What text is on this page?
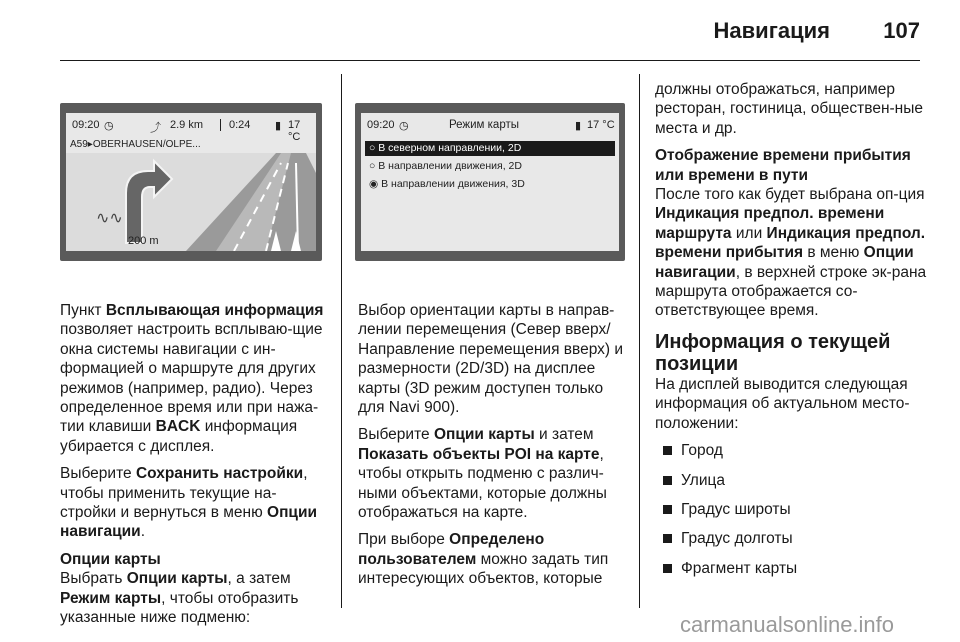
Навигация 107
09:20 ◷	⤴ 2.9 km	0:24 ▮ 17 °C
A59▸OBERHAUSEN/OLPE...
∿∿
200 m
09:20 ◷	▮ 17 °C
Режим карты
○ В северном направлении, 2D
○ В направлении движения, 2D
◉ В направлении движения, 3D

Пункт Всплывающая информация позволяет настроить всплываю-щие окна системы навигации с ин-формацией о маршруте для других режимов (например, радио). Через определенное время или при нажа-тии клавиши BACK информация убирается с дисплея.

Выберите Сохранить настройки, чтобы применить текущие на-стройки и вернуться в меню Опции навигации.

Опции карты

Выбрать Опции карты, а затем Режим карты, чтобы отобразить указанные ниже подменю:

Выбор ориентации карты в направ-лении перемещения (Север вверх/ Направление перемещения вверх) и размерности (2D/3D) на дисплее карты (3D режим доступен только для Navi 900).

Выберите Опции карты и затем Показать объекты POI на карте, чтобы открыть подменю с различ-ными объектами, которые должны отображаться на карте.

При выборе Определено пользователем можно задать тип интересующих объектов, которые

должны отображаться, например ресторан, гостиница, обществен-ные места и др.

Отображение времени прибытия или времени в пути

После того как будет выбрана оп-ция Индикация предпол. времени маршрута или Индикация предпол. времени прибытия в меню Опции навигации, в верхней строке эк-рана маршрута отображается со-ответствующее время.

Информация о текущей позиции

На дисплей выводится следующая информация об актуальном место-положении:

Город
Улица
Градус широты
Градус долготы
Фрагмент карты
carmanualsonline.info
